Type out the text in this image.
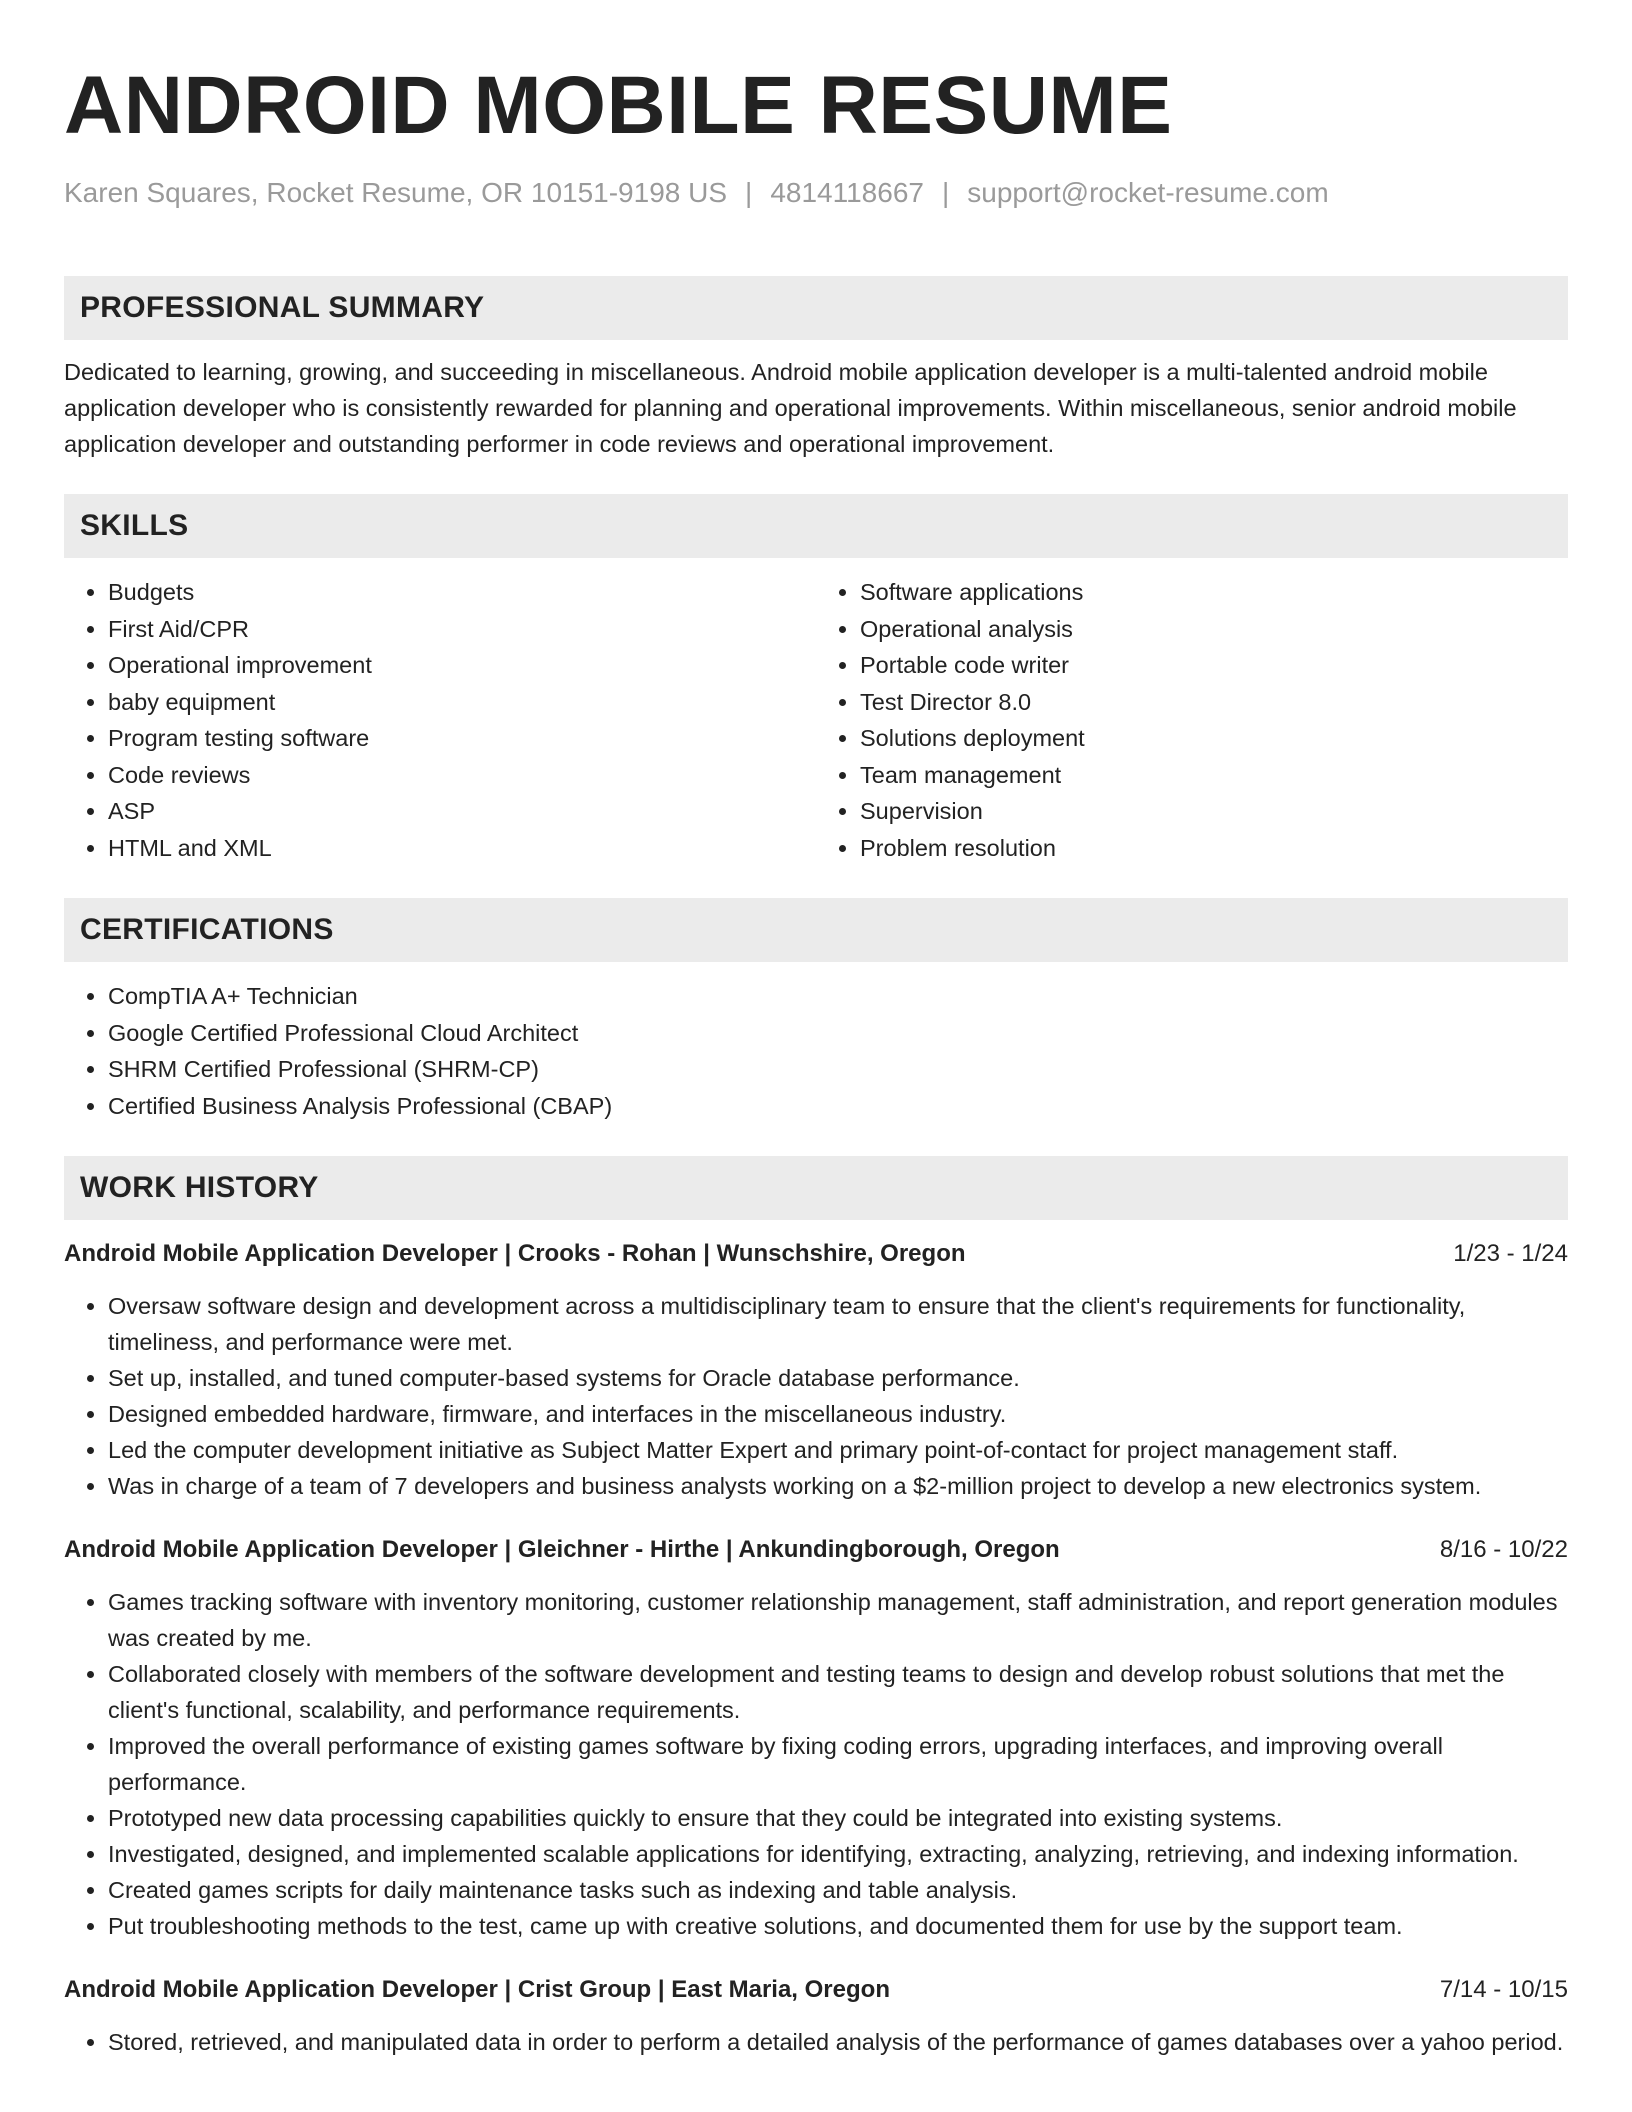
ANDROID MOBILE RESUME
Karen Squares, Rocket Resume, OR 10151-9198 US | 4814118667 | support@rocket-resume.com
PROFESSIONAL SUMMARY

Dedicated to learning, growing, and succeeding in miscellaneous. Android mobile application developer is a multi-talented android mobile application developer who is consistently rewarded for planning and operational improvements. Within miscellaneous, senior android mobile application developer and outstanding performer in code reviews and operational improvement.

SKILLS
• Budgets
• First Aid/CPR
• Operational improvement
• baby equipment
• Program testing software
• Code reviews
• ASP
• HTML and XML
• Software applications
• Operational analysis
• Portable code writer
• Test Director 8.0
• Solutions deployment
• Team management
• Supervision
• Problem resolution
CERTIFICATIONS
• CompTIA A+ Technician
• Google Certified Professional Cloud Architect
• SHRM Certified Professional (SHRM-CP)
• Certified Business Analysis Professional (CBAP)
WORK HISTORY
Android Mobile Application Developer | Crooks - Rohan | Wunschshire, Oregon	1/23 - 1/24
• Oversaw software design and development across a multidisciplinary team to ensure that the client's requirements for functionality, timeliness, and performance were met.
• Set up, installed, and tuned computer-based systems for Oracle database performance.
• Designed embedded hardware, firmware, and interfaces in the miscellaneous industry.
• Led the computer development initiative as Subject Matter Expert and primary point-of-contact for project management staff.
• Was in charge of a team of 7 developers and business analysts working on a $2-million project to develop a new electronics system.
Android Mobile Application Developer | Gleichner - Hirthe | Ankundingborough, Oregon	8/16 - 10/22
• Games tracking software with inventory monitoring, customer relationship management, staff administration, and report generation modules was created by me.
• Collaborated closely with members of the software development and testing teams to design and develop robust solutions that met the client's functional, scalability, and performance requirements.
• Improved the overall performance of existing games software by fixing coding errors, upgrading interfaces, and improving overall performance.
• Prototyped new data processing capabilities quickly to ensure that they could be integrated into existing systems.
• Investigated, designed, and implemented scalable applications for identifying, extracting, analyzing, retrieving, and indexing information.
• Created games scripts for daily maintenance tasks such as indexing and table analysis.
• Put troubleshooting methods to the test, came up with creative solutions, and documented them for use by the support team.
Android Mobile Application Developer | Crist Group | East Maria, Oregon	7/14 - 10/15
• Stored, retrieved, and manipulated data in order to perform a detailed analysis of the performance of games databases over a yahoo period.
